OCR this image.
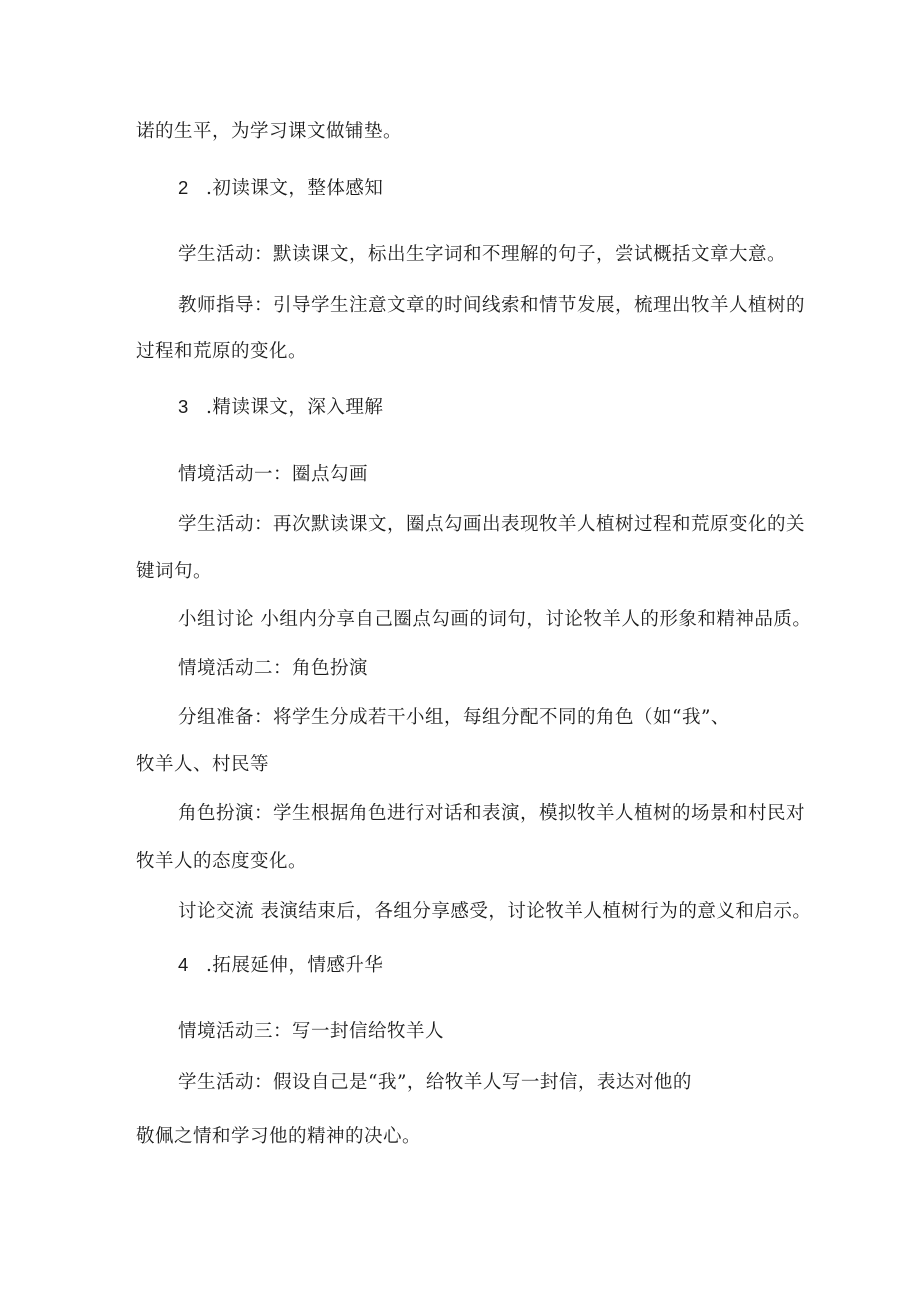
诺的生平，为学习课文做铺垫。
2 .初读课文，整体感知
学生活动：默读课文，标出生字词和不理解的句子，尝试概括文章大意。
教师指导：引导学生注意文章的时间线索和情节发展，梳理出牧羊人植树的
过程和荒原的变化。
3 .精读课文，深入理解
情境活动一：圈点勾画
学生活动：再次默读课文，圈点勾画出表现牧羊人植树过程和荒原变化的关
键词句。
小组讨论 小组内分享自己圈点勾画的词句，讨论牧羊人的形象和精神品质。
情境活动二：角色扮演
分组准备：将学生分成若干小组，每组分配不同的角色（如“我”、
牧羊人、村民等
角色扮演：学生根据角色进行对话和表演，模拟牧羊人植树的场景和村民对
牧羊人的态度变化。
讨论交流 表演结束后，各组分享感受，讨论牧羊人植树行为的意义和启示。
4 .拓展延伸，情感升华
情境活动三：写一封信给牧羊人
学生活动：假设自己是“我”，给牧羊人写一封信，表达对他的
敬佩之情和学习他的精神的决心。
